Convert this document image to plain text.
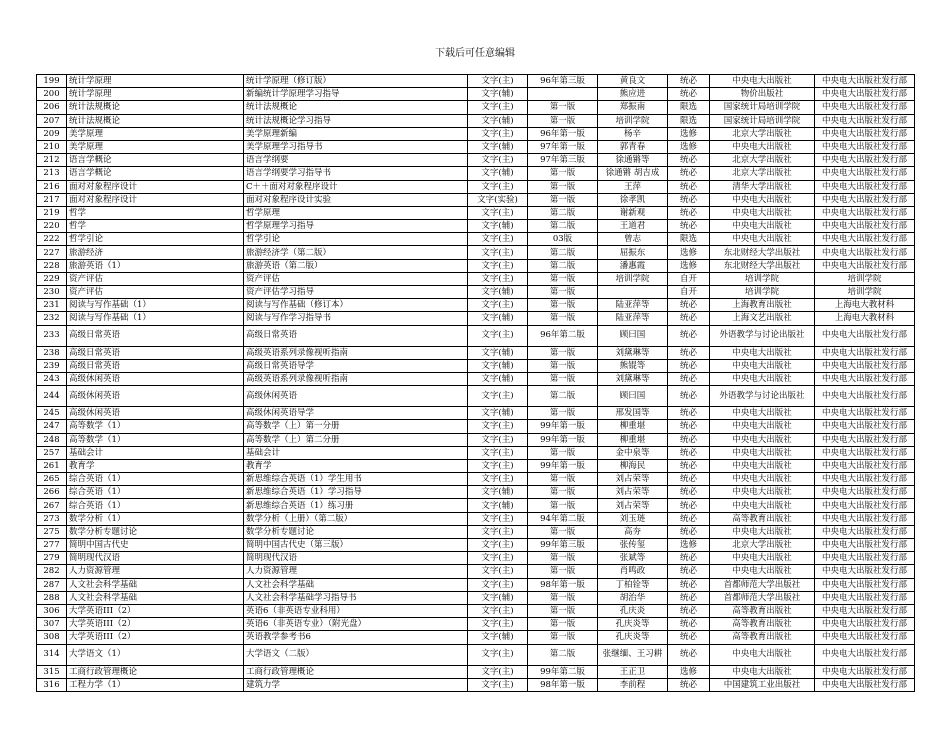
下载后可任意编辑
199	统计学原理	统计学原理（修订版）	文字(主)	96年第三版	黄良文	统必	中央电大出版社	中央电大出版社发行部
200	统计学原理	新编统计学原理学习指导	文字(辅)		熊应进	统必	物价出版社	中央电大出版社发行部
206	统计法规概论	统计法规概论	文字(主)	第一版	郑振南	限选	国家统计局培训学院	中央电大出版社发行部
207	统计法规概论	统计法规概论学习指导	文字(辅)	第一版	培训学院	限选	国家统计局培训学院	中央电大出版社发行部
209	美学原理	美学原理新编	文字(主)	96年第一版	杨辛	选修	北京大学出版社	中央电大出版社发行部
210	美学原理	美学原理学习指导书	文字(辅)	97年第一版	郭青春	选修	中央电大出版社	中央电大出版社发行部
212	语言学概论	语言学纲要	文字(主)	97年第三版	徐通锵等	统必	北京大学出版社	中央电大出版社发行部
213	语言学概论	语言学纲要学习指导书	文字(辅)	第一版	徐通锵 胡吉成	统必	北京大学出版社	中央电大出版社发行部
216	面对对象程序设计	C＋＋面对对象程序设计	文字(主)	第一版	王萍	统必	清华大学出版社	中央电大出版社发行部
217	面对对象程序设计	面对对象程序设计实验	文字(实验)	第一版	徐孝凯	统必	中央电大出版社	中央电大出版社发行部
219	哲学	哲学原理	文字(主)	第二版	谢新观	统必	中央电大出版社	中央电大出版社发行部
220	哲学	哲学原理学习指导	文字(辅)	第二版	王道君	统必	中央电大出版社	中央电大出版社发行部
222	哲学引论	哲学引论	文字(主)	03版	曾志	限选	中央电大出版社	中央电大出版社发行部
227	旅游经济	旅游经济学（第二版）	文字(主)	第二版	屈振东	选修	东北财经大学出版社	中央电大出版社发行部
228	旅游英语（1）	旅游英语（第二版）	文字(主)	第二版	潘惠霞	选修	东北财经大学出版社	中央电大出版社发行部
229	资产评估	资产评估	文字(主)	第一版	培训学院	自开	培训学院	培训学院
230	资产评估	资产评估学习指导	文字(辅)	第一版		自开	培训学院	培训学院
231	阅读与写作基础（1）	阅读与写作基础（修订本）	文字(主)	第一版	陆亚萍等	统必	上海教育出版社	上海电大教材科
232	阅读与写作基础（1）	阅读与写作学习指导书	文字(辅)	第一版	陆亚萍等	统必	上海文艺出版社	上海电大教材科
233	高级日常英语	高级日常英语	文字(主)	96年第二版	顾曰国	统必	外语教学与讨论出版社	中央电大出版社发行部
238	高级日常英语	高级英语系列录像视听指南	文字(辅)	第一版	刘黛琳等	统必	中央电大出版社	中央电大出版社发行部
239	高级日常英语	高级日常英语导学	文字(辅)	第一版	熊锟等	统必	中央电大出版社	中央电大出版社发行部
243	高级休闲英语	高级英语系列录像视听指南	文字(辅)	第一版	刘黛琳等	统必	中央电大出版社	中央电大出版社发行部
244	高级休闲英语	高级休闲英语	文字(主)	第二版	顾曰国	统必	外语教学与讨论出版社	中央电大出版社发行部
245	高级休闲英语	高级休闲英语导学	文字(辅)	第一版	邢发国等	统必	中央电大出版社	中央电大出版社发行部
247	高等数学（1）	高等数学（上）第一分册	文字(主)	99年第一版	柳重堪	统必	中央电大出版社	中央电大出版社发行部
248	高等数学（1）	高等数学（上）第二分册	文字(主)	99年第一版	柳重堪	统必	中央电大出版社	中央电大出版社发行部
257	基础会计	基础会计	文字(主)	第一版	金中泉等	统必	中央电大出版社	中央电大出版社发行部
261	教育学	教育学	文字(主)	99年第一版	柳海民	统必	中央电大出版社	中央电大出版社发行部
265	综合英语（1）	新思维综合英语（1）学生用书	文字(主)	第一版	刘占荣等	统必	中央电大出版社	中央电大出版社发行部
266	综合英语（1）	新思维综合英语（1）学习指导	文字(辅)	第一版	刘占荣等	统必	中央电大出版社	中央电大出版社发行部
267	综合英语（1）	新思维综合英语（1）练习册	文字(辅)	第一版	刘占荣等	统必	中央电大出版社	中央电大出版社发行部
273	数学分析（1）	数学分析（上册）（第二版）	文字(主)	94年第二版	刘玉琏	统必	高等教育出版社	中央电大出版社发行部
275	数学分析专题讨论	数学分析专题讨论	文字(主)	第一版	高夯	统必	中央电大出版社	中央电大出版社发行部
277	简明中国古代史	简明中国古代史（第三版）	文字(主)	99年第三版	张传玺	选修	北京大学出版社	中央电大出版社发行部
279	简明现代汉语	简明现代汉语	文字(主)	第一版	张斌等	统必	中央电大出版社	中央电大出版社发行部
282	人力资源管理	人力资源管理	文字(主)	第一版	肖鸣政	统必	中央电大出版社	中央电大出版社发行部
287	人文社会科学基础	人文社会科学基础	文字(主)	98年第一版	丁柏铨等	统必	首都师范大学出版社	中央电大出版社发行部
288	人文社会科学基础	人文社会科学基础学习指导书	文字(辅)	第一版	胡治华	统必	首都师范大学出版社	中央电大出版社发行部
306	大学英语III（2）	英语6（非英语专业科用）	文字(主)	第一版	孔庆炎	统必	高等教育出版社	中央电大出版社发行部
307	大学英语III（2）	英语6（非英语专业）（附光盘）	文字(主)	第一版	孔庆炎等	统必	高等教育出版社	中央电大出版社发行部
308	大学英语III（2）	英语教学参考书6	文字(辅)	第一版	孔庆炎等	统必	高等教育出版社	中央电大出版社发行部
314	大学语文（1）	大学语文（二版）	文字(主)	第二版	张继缅、王习耕	统必	中央电大出版社	中央电大出版社发行部
315	工商行政管理概论	工商行政管理概论	文字(主)	99年第二版	王正卫	选修	中央电大出版社	中央电大出版社发行部
316	工程力学（1）	建筑力学	文字(主)	98年第一版	李前程	统必	中国建筑工业出版社	中央电大出版社发行部
